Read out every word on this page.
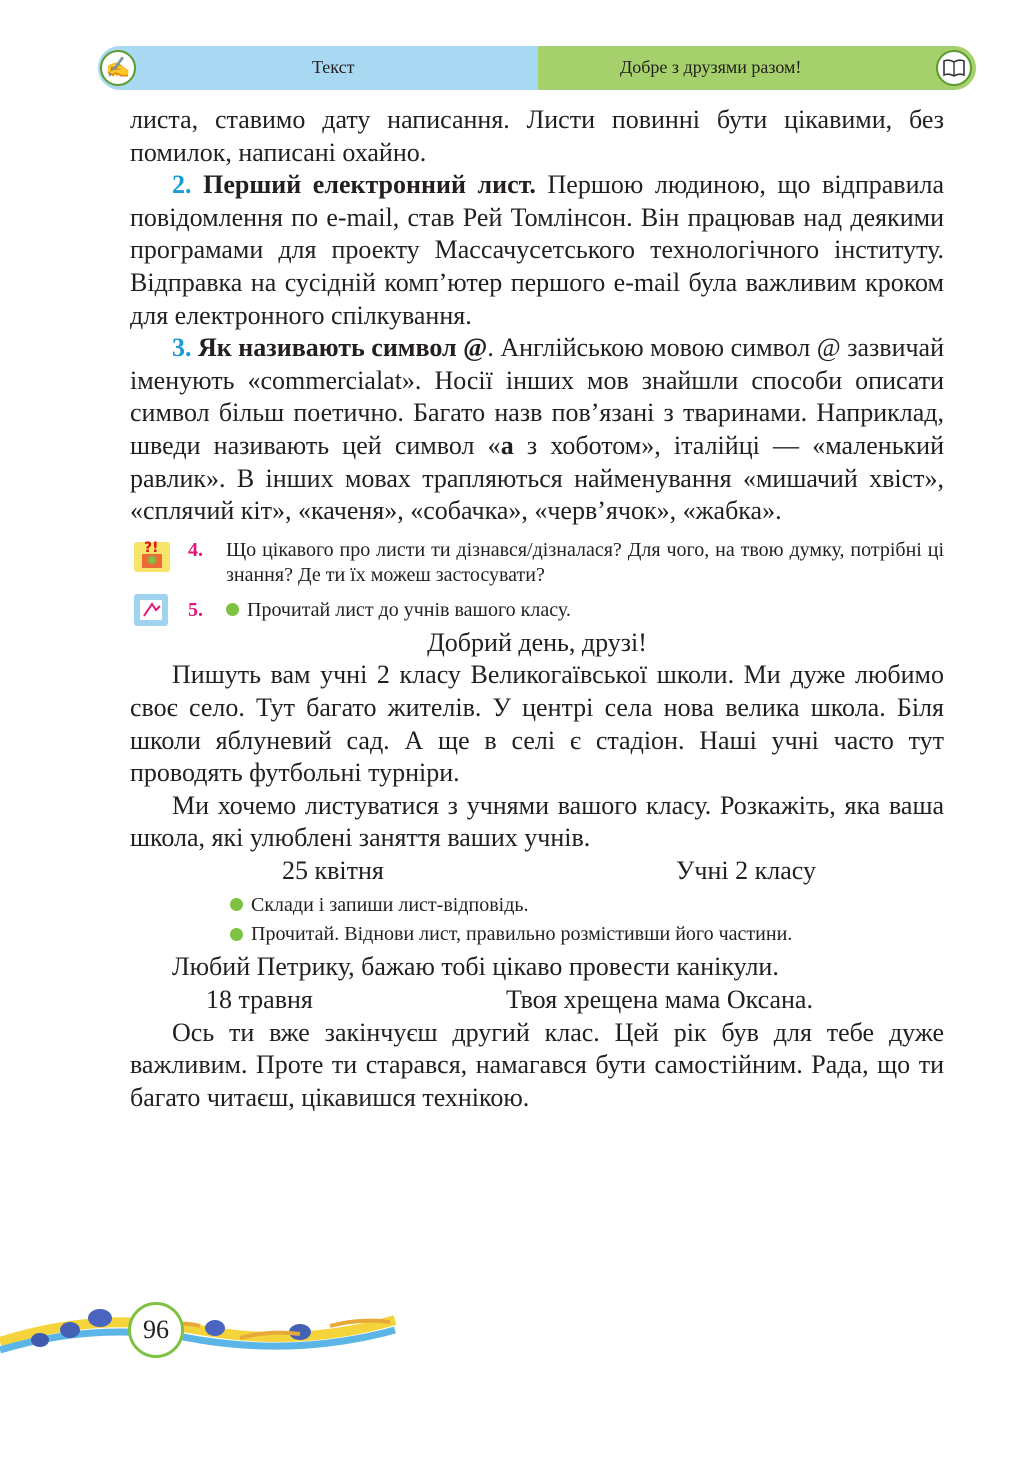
✍	Текст	Добре з друзями разом!

листа, ставимо дату написання. Листи повинні бути цікавими, без помилок, написані охайно.

2. Перший електронний лист. Першою людиною, що відправила повідомлення по e-mail, став Рей Томлінсон. Він працював над деякими програмами для проекту Массачусетського технологічного інституту. Відправка на сусідній комп’ютер першого e-mail була важливим кроком для електронного спілкування.

3. Як називають символ @. Англійською мовою символ @ зазвичай іменують «commercialat». Носії інших мов знайшли способи описати символ більш поетично. Багато назв пов’язані з тваринами. Наприклад, шведи називають цей символ «а з хоботом», італійці — «маленький равлик». В інших мовах трапляються найменування «мишачий хвіст», «сплячий кіт», «каченя», «собачка», «черв’ячок», «жабка».

?! 4. Що цікавого про листи ти дізнався/дізналася? Для чого, на твою думку, потрібні ці знання? Де ти їх можеш застосувати?

5.	Прочитай лист до учнів вашого класу.

Добрий день, друзі!

Пишуть вам учні 2 класу Великогаївської школи. Ми дуже любимо своє село. Тут багато жителів. У центрі села нова велика школа. Біля школи яблуневий сад. А ще в селі є стадіон. Наші учні часто тут проводять футбольні турніри.

Ми хочемо листуватися з учнями вашого класу. Розкажіть, яка ваша школа, які улюблені заняття ваших учнів.

25 квітня	Учні 2 класу

Склади і запиши лист-відповідь.

Прочитай. Віднови лист, правильно розмістивши його частини.

Любий Петрику, бажаю тобі цікаво провести канікули.

18 травня	Твоя хрещена мама Оксана.

Ось ти вже закінчуєш другий клас. Цей рік був для тебе дуже важливим. Проте ти старався, намагався бути самостійним. Рада, що ти багато читаєш, цікавишся технікою.

96
